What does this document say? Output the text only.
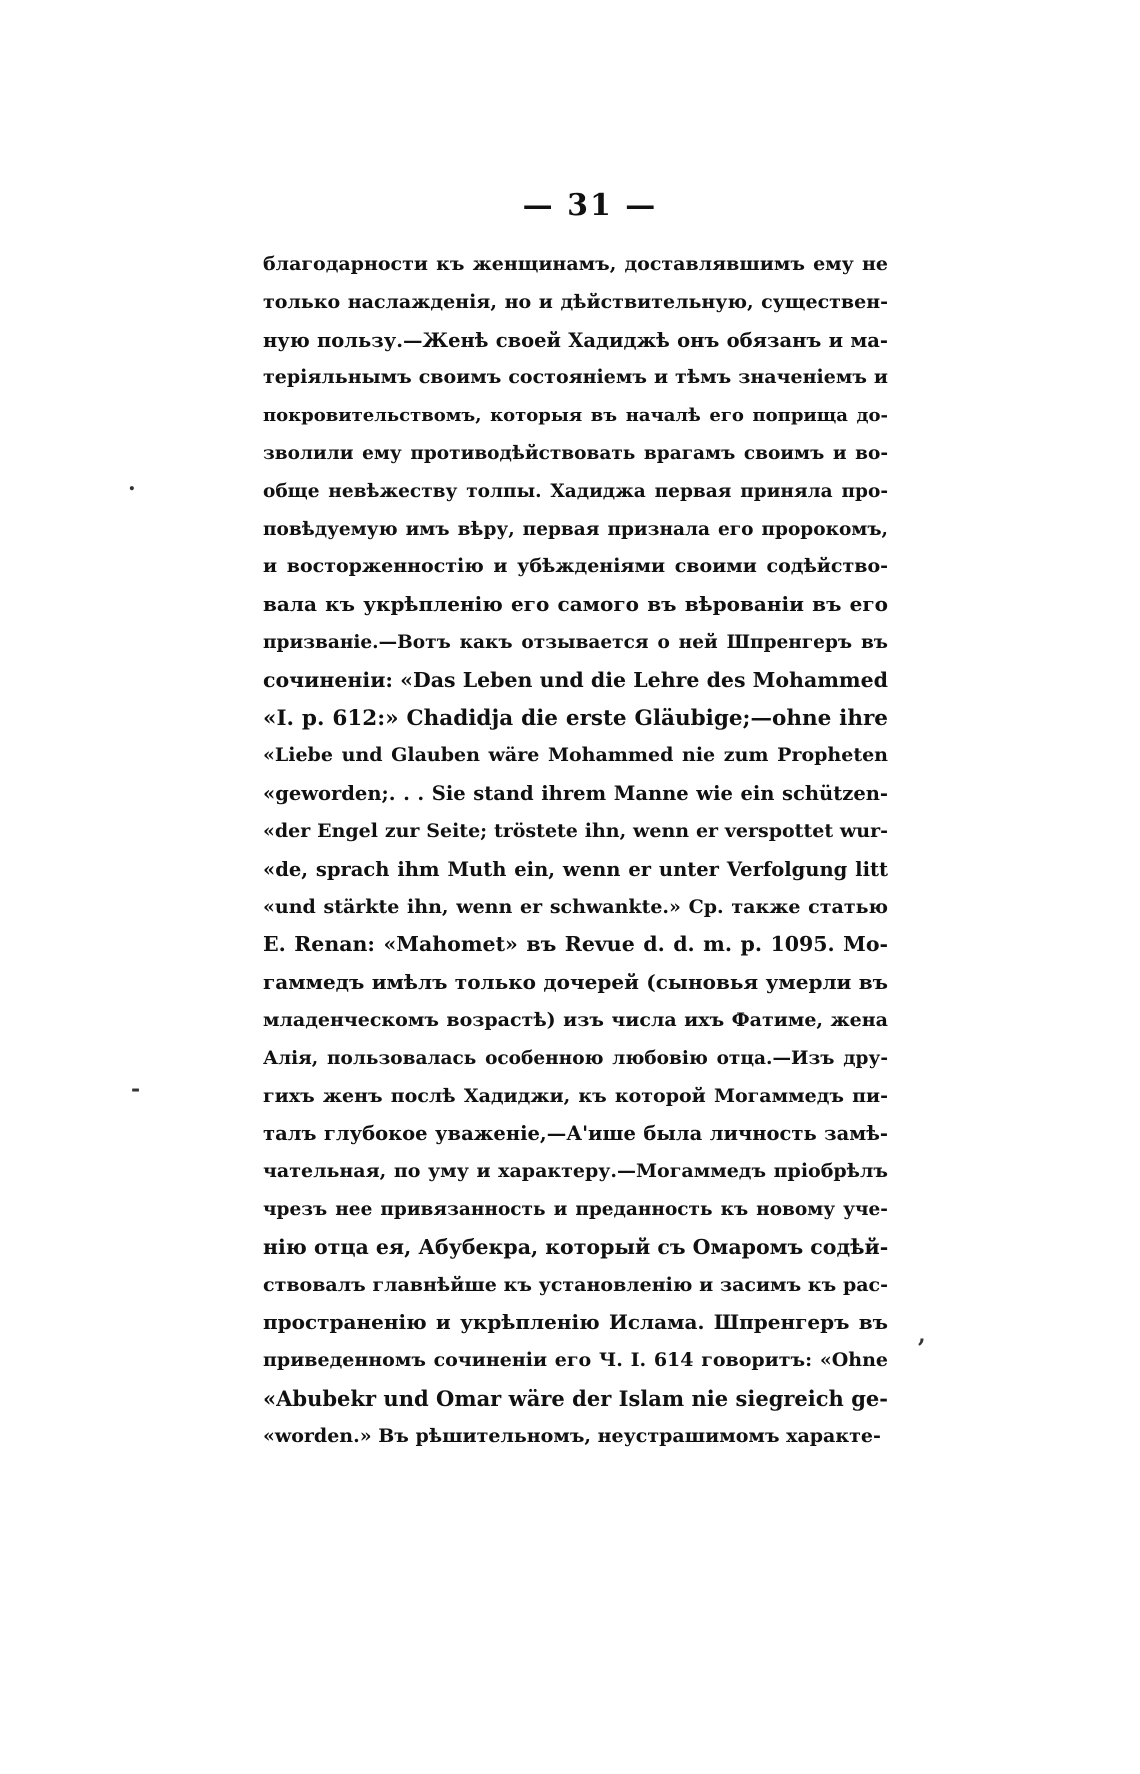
— 31 —
благодарности къ женщинамъ, доставлявшимъ ему не
только наслажденія, но и дѣйствительную, существен-
ную пользу.—Женѣ своей Хадиджѣ онъ обязанъ и ма-
теріяльнымъ своимъ состояніемъ и тѣмъ значеніемъ и
покровительствомъ, которыя въ началѣ его поприща до-
зволили ему противодѣйствовать врагамъ своимъ и во-
обще невѣжеству толпы. Хадиджа первая приняла про-
повѣдуемую имъ вѣру, первая признала его пророкомъ,
и восторженностію и убѣжденіями своими содѣйство-
вала къ укрѣпленію его самого въ вѣрованіи въ его
призваніе.—Вотъ какъ отзывается о ней Шпренгеръ въ
сочиненіи: «Das Leben und die Lehre des Mohammed
«I. p. 612:» Chadidja die erste Gläubige;—ohne ihre
«Liebe und Glauben wäre Mohammed nie zum Propheten
«geworden;. . . Sie stand ihrem Manne wie ein schützen-
«der Engel zur Seite; tröstete ihn, wenn er verspottet wur-
«de, sprach ihm Muth ein, wenn er unter Verfolgung litt
«und stärkte ihn, wenn er schwankte.» Ср. также статью
E. Renan: «Mahomet» въ Revue d. d. m. p. 1095. Мо-
гаммедъ имѣлъ только дочерей (сыновья умерли въ
младенческомъ возрастѣ) изъ числа ихъ Фатиме, жена
Алія, пользовалась особенною любовію отца.—Изъ дру-
гихъ женъ послѣ Хадиджи, къ которой Могаммедъ пи-
талъ глубокое уваженіе,—А'ише была личность замѣ-
чательная, по уму и характеру.—Могаммедъ пріобрѣлъ
чрезъ нее привязанность и преданность къ новому уче-
нію отца ея, Абубекра, который съ Омаромъ содѣй-
ствовалъ главнѣйше къ установленію и засимъ къ рас-
пространенію и укрѣпленію Ислама. Шпренгеръ въ
приведенномъ сочиненіи его Ч. I. 614 говоритъ: «Ohne
«Abubekr und Omar wäre der Islam nie siegreich ge-
«worden.» Въ рѣшительномъ, неустрашимомъ характе-
.
-
,
